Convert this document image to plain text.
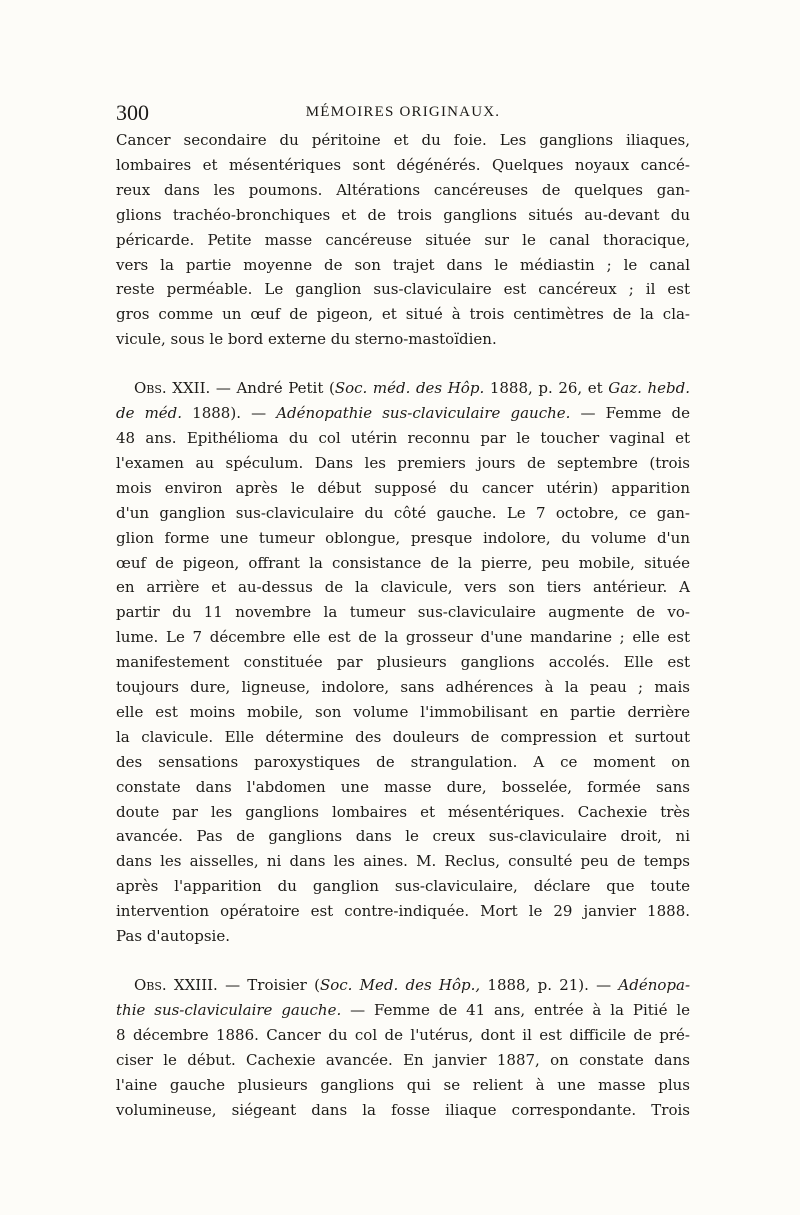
300	MÉMOIRES ORIGINAUX.
Cancer secondaire du péritoine et du foie. Les ganglions iliaques,
lombaires et mésentériques sont dégénérés. Quelques noyaux cancé-
reux dans les poumons. Altérations cancéreuses de quelques gan-
glions trachéo-bronchiques et de trois ganglions situés au-devant du
péricarde. Petite masse cancéreuse située sur le canal thoracique,
vers la partie moyenne de son trajet dans le médiastin ; le canal
reste perméable. Le ganglion sus-claviculaire est cancéreux ; il est
gros comme un œuf de pigeon, et situé à trois centimètres de la cla-
vicule, sous le bord externe du sterno-mastoïdien.
Obs. XXII. — André Petit (Soc. méd. des Hôp. 1888, p. 26, et Gaz. hebd.
de méd. 1888). — Adénopathie sus-claviculaire gauche. — Femme de
48 ans. Epithélioma du col utérin reconnu par le toucher vaginal et
l'examen au spéculum. Dans les premiers jours de septembre (trois
mois environ après le début supposé du cancer utérin) apparition
d'un ganglion sus-claviculaire du côté gauche. Le 7 octobre, ce gan-
glion forme une tumeur oblongue, presque indolore, du volume d'un
œuf de pigeon, offrant la consistance de la pierre, peu mobile, située
en arrière et au-dessus de la clavicule, vers son tiers antérieur. A
partir du 11 novembre la tumeur sus-claviculaire augmente de vo-
lume. Le 7 décembre elle est de la grosseur d'une mandarine ; elle est
manifestement constituée par plusieurs ganglions accolés. Elle est
toujours dure, ligneuse, indolore, sans adhérences à la peau ; mais
elle est moins mobile, son volume l'immobilisant en partie derrière
la clavicule. Elle détermine des douleurs de compression et surtout
des sensations paroxystiques de strangulation. A ce moment on
constate dans l'abdomen une masse dure, bosselée, formée sans
doute par les ganglions lombaires et mésentériques. Cachexie très
avancée. Pas de ganglions dans le creux sus-claviculaire droit, ni
dans les aisselles, ni dans les aines. M. Reclus, consulté peu de temps
après l'apparition du ganglion sus-claviculaire, déclare que toute
intervention opératoire est contre-indiquée. Mort le 29 janvier 1888.
Pas d'autopsie.
Obs. XXIII. — Troisier (Soc. Med. des Hôp., 1888, p. 21). — Adénopa-
thie sus-claviculaire gauche. — Femme de 41 ans, entrée à la Pitié le
8 décembre 1886. Cancer du col de l'utérus, dont il est difficile de pré-
ciser le début. Cachexie avancée. En janvier 1887, on constate dans
l'aine gauche plusieurs ganglions qui se relient à une masse plus
volumineuse, siégeant dans la fosse iliaque correspondante. Trois
